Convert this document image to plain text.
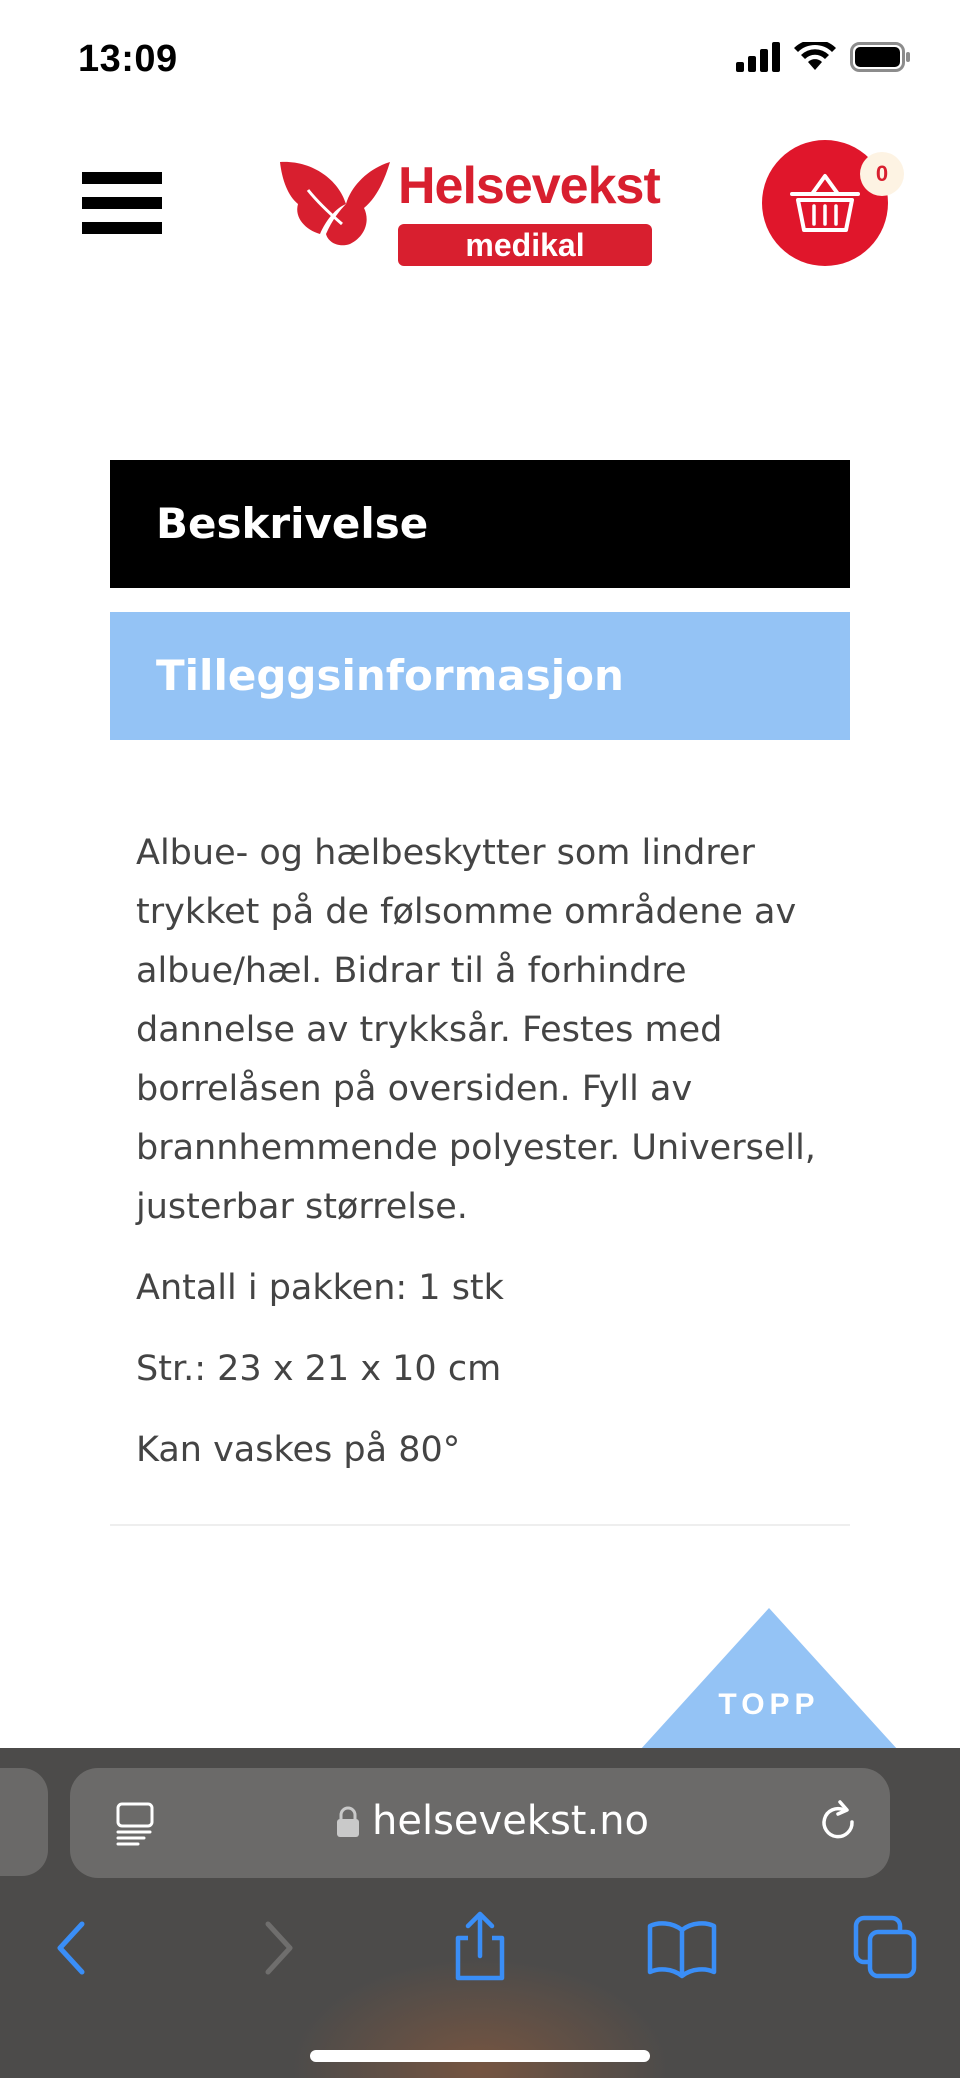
13:09
Helsevekst
medikal
0
Beskrivelse
Tilleggsinformasjon

Albue- og hælbeskytter som lindrer trykket på de følsomme områdene av albue/hæl. Bidrar til å forhindre dannelse av trykksår. Festes med borrelåsen på oversiden. Fyll av brannhemmende polyester. Universell, justerbar størrelse.

Antall i pakken: 1 stk

Str.: 23 x 21 x 10 cm

Kan vaskes på 80°

TOPP
helsevekst.no
